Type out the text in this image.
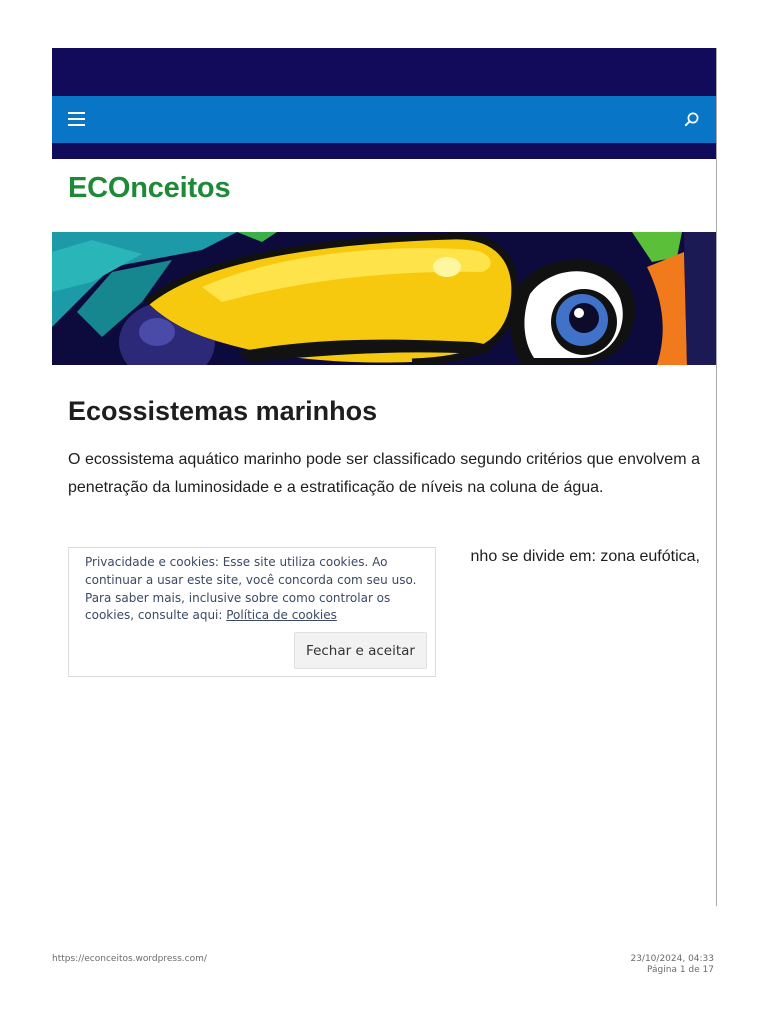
ECOnceitos
Ecossistemas marinhos

O ecossistema aquático marinho pode ser classificado segundo critérios que envolvem a penetração da luminosidade e a estratificação de níveis na coluna de água.

nho se divide em: zona eufótica,

Privacidade e cookies: Esse site utiliza cookies. Ao continuar a usar este site, você concorda com seu uso. Para saber mais, inclusive sobre como controlar os cookies, consulte aqui: Política de cookies

Fechar e aceitar
https://econceitos.wordpress.com/	23/10/2024, 04:33
Página 1 de 17
